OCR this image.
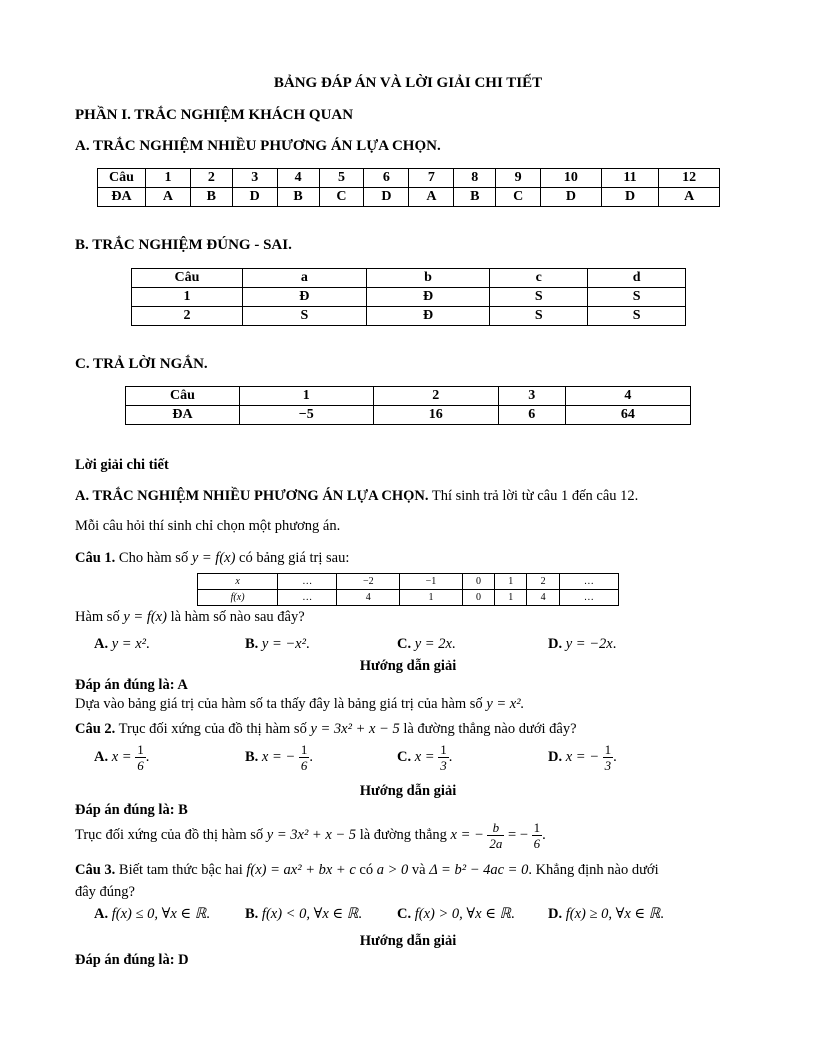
BẢNG ĐÁP ÁN VÀ LỜI GIẢI CHI TIẾT
PHẦN I. TRẮC NGHIỆM KHÁCH QUAN
A. TRẮC NGHIỆM NHIỀU PHƯƠNG ÁN LỰA CHỌN.
Câu	1	2	3	4	5	6	7	8	9	10	11	12
ĐA	A	B	D	B	C	D	A	B	C	D	D	A
B. TRẮC NGHIỆM ĐÚNG - SAI.
Câu	a	b	c	d
1	Đ	Đ	S	S
2	S	Đ	S	S
C. TRẢ LỜI NGẮN.
Câu	1	2	3	4
ĐA	−5	16	6	64
Lời giải chi tiết
A. TRẮC NGHIỆM NHIỀU PHƯƠNG ÁN LỰA CHỌN. Thí sinh trả lời từ câu 1 đến câu 12.
Mỗi câu hỏi thí sinh chỉ chọn một phương án.
Câu 1. Cho hàm số y = f(x) có bảng giá trị sau:
x	…	−2	−1	0	1	2	…
f(x)	…	4	1	0	1	4	…
Hàm số y = f(x) là hàm số nào sau đây?
A. y = x².	B. y = −x².	C. y = 2x.	D. y = −2x.
Hướng dẫn giải
Đáp án đúng là: A
Dựa vào bảng giá trị của hàm số ta thấy đây là bảng giá trị của hàm số y = x².
Câu 2. Trục đối xứng của đồ thị hàm số y = 3x² + x − 5 là đường thẳng nào dưới đây?
A. $x = \frac{1}{6}$ .	B. x = − $\frac{1}{6}$ .	C. $x = \frac{1}{3}$ .	D. x = − $\frac{1}{3}$ .
Hướng dẫn giải
Đáp án đúng là: B
Trục đối xứng của đồ thị hàm số y = 3x² + x − 5 là đường thẳng x = − $\frac{b}{2a}$ = − $\frac{1}{6}$ .
Câu 3. Biết tam thức bậc hai f(x) = ax² + bx + c có a > 0 và Δ = b² − 4ac = 0. Khẳng định nào dưới
đây đúng?
A. f(x) ≤ 0, ∀x ∈ ℝ. B. f(x) < 0, ∀x ∈ ℝ. C. f(x) > 0, ∀x ∈ ℝ. D. f(x) ≥ 0, ∀x ∈ ℝ.
Hướng dẫn giải
Đáp án đúng là: D
